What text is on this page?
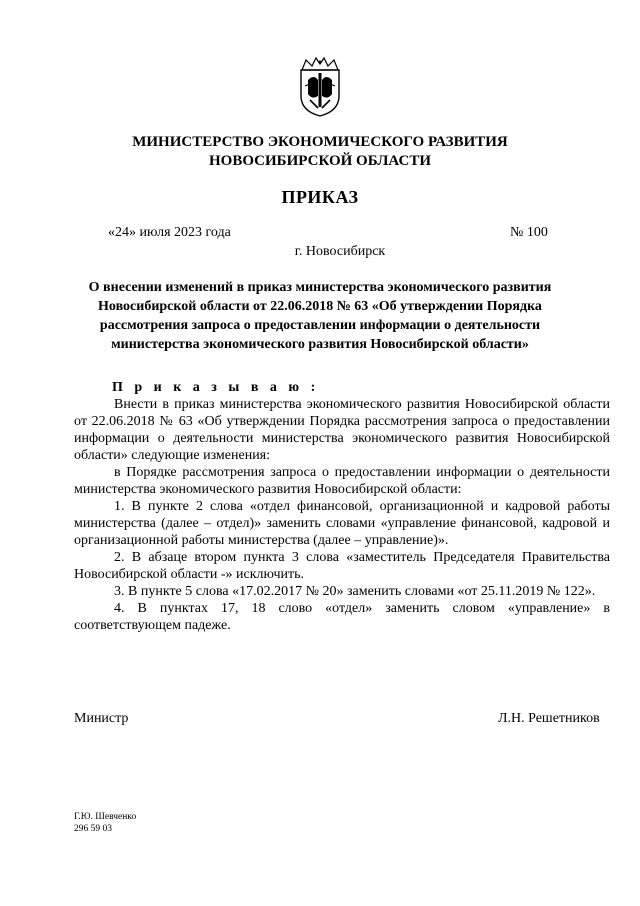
МИНИСТЕРСТВО ЭКОНОМИЧЕСКОГО РАЗВИТИЯ
НОВОСИБИРСКОЙ ОБЛАСТИ
ПРИКАЗ
«24» июля 2023 года	№ 100
г. Новосибирск
О внесении изменений в приказ министерства экономического развития
Новосибирской области от 22.06.2018 № 63 «Об утверждении Порядка
рассмотрения запроса о предоставлении информации о деятельности
министерства экономического развития Новосибирской области»
П р и к а з ы в а ю :

Внести в приказ министерства экономического развития Новосибирской области от 22.06.2018 № 63 «Об утверждении Порядка рассмотрения запроса о предоставлении информации о деятельности министерства экономического развития Новосибирской области» следующие изменения:

в Порядке рассмотрения запроса о предоставлении информации о деятельности министерства экономического развития Новосибирской области:

1. В пункте 2 слова «отдел финансовой, организационной и кадровой работы министерства (далее – отдел)» заменить словами «управление финансовой, кадровой и организационной работы министерства (далее – управление)».

2. В абзаце втором пункта 3 слова «заместитель Председателя Правительства Новосибирской области -» исключить.

3. В пункте 5 слова «17.02.2017 № 20» заменить словами «от 25.11.2019 № 122».

4. В пунктах 17, 18 слово «отдел» заменить словом «управление» в соответствующем падеже.

Министр	Л.Н. Решетников
Г.Ю. Шевченко
296 59 03
